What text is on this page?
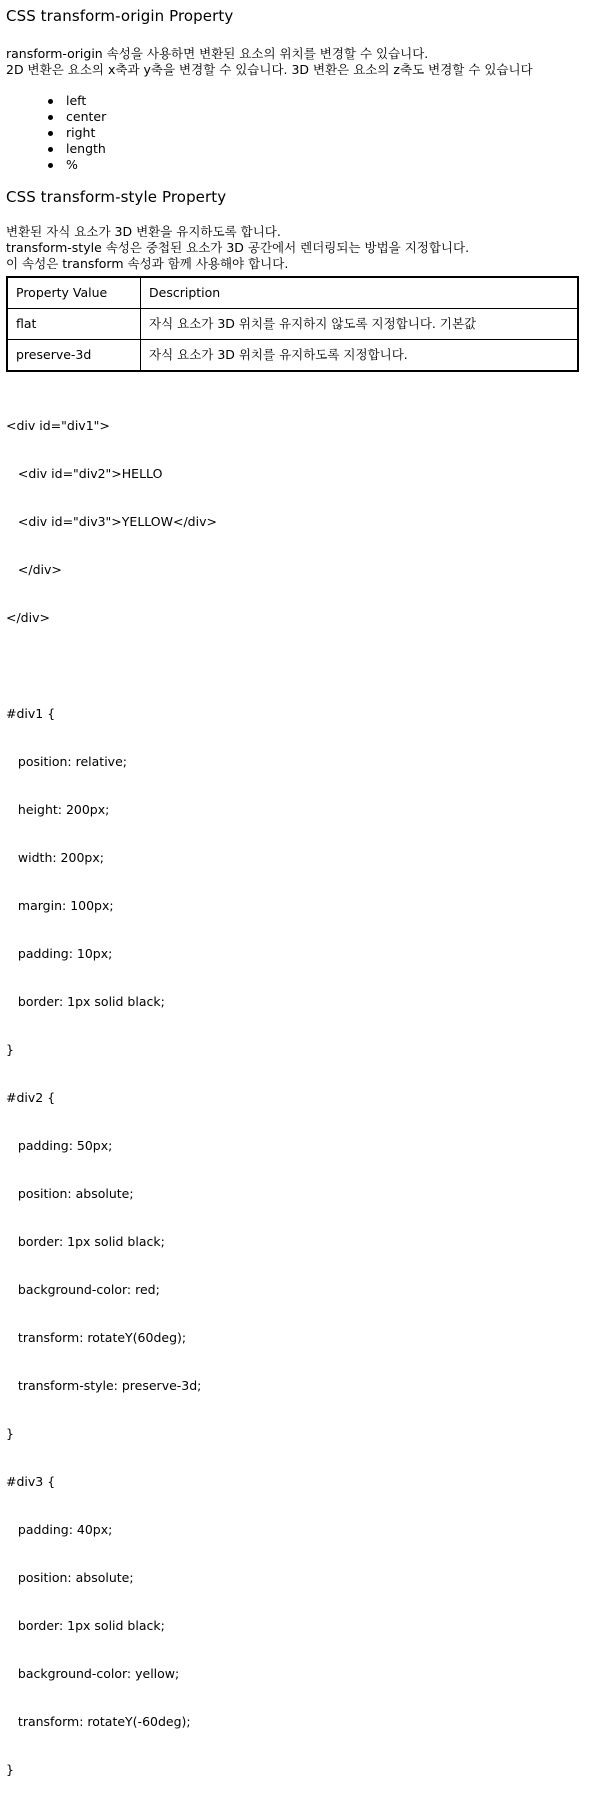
CSS transform-origin Property

ransform-origin 속성을 사용하면 변환된 요소의 위치를 변경할 수 있습니다.

2D 변환은 요소의 x축과 y축을 변경할 수 있습니다. 3D 변환은 요소의 z축도 변경할 수 있습니다

left
center
right
length
%
CSS transform-style Property

변환된 자식 요소가 3D 변환을 유지하도록 합니다.

transform-style 속성은 중첩된 요소가 3D 공간에서 렌더링되는 방법을 지정합니다.

이 속성은 transform 속성과 함께 사용해야 합니다.

Property Value	Description
flat	자식 요소가 3D 위치를 유지하지 않도록 지정합니다. 기본값
preserve-3d	자식 요소가 3D 위치를 유지하도록 지정합니다.

<div id="div1">

<div id="div2">HELLO

<div id="div3">YELLOW</div>

</div>

</div>

#div1 {

position: relative;

height: 200px;

width: 200px;

margin: 100px;

padding: 10px;

border: 1px solid black;

}

#div2 {

padding: 50px;

position: absolute;

border: 1px solid black;

background-color: red;

transform: rotateY(60deg);

transform-style: preserve-3d;

}

#div3 {

padding: 40px;

position: absolute;

border: 1px solid black;

background-color: yellow;

transform: rotateY(-60deg);

}
